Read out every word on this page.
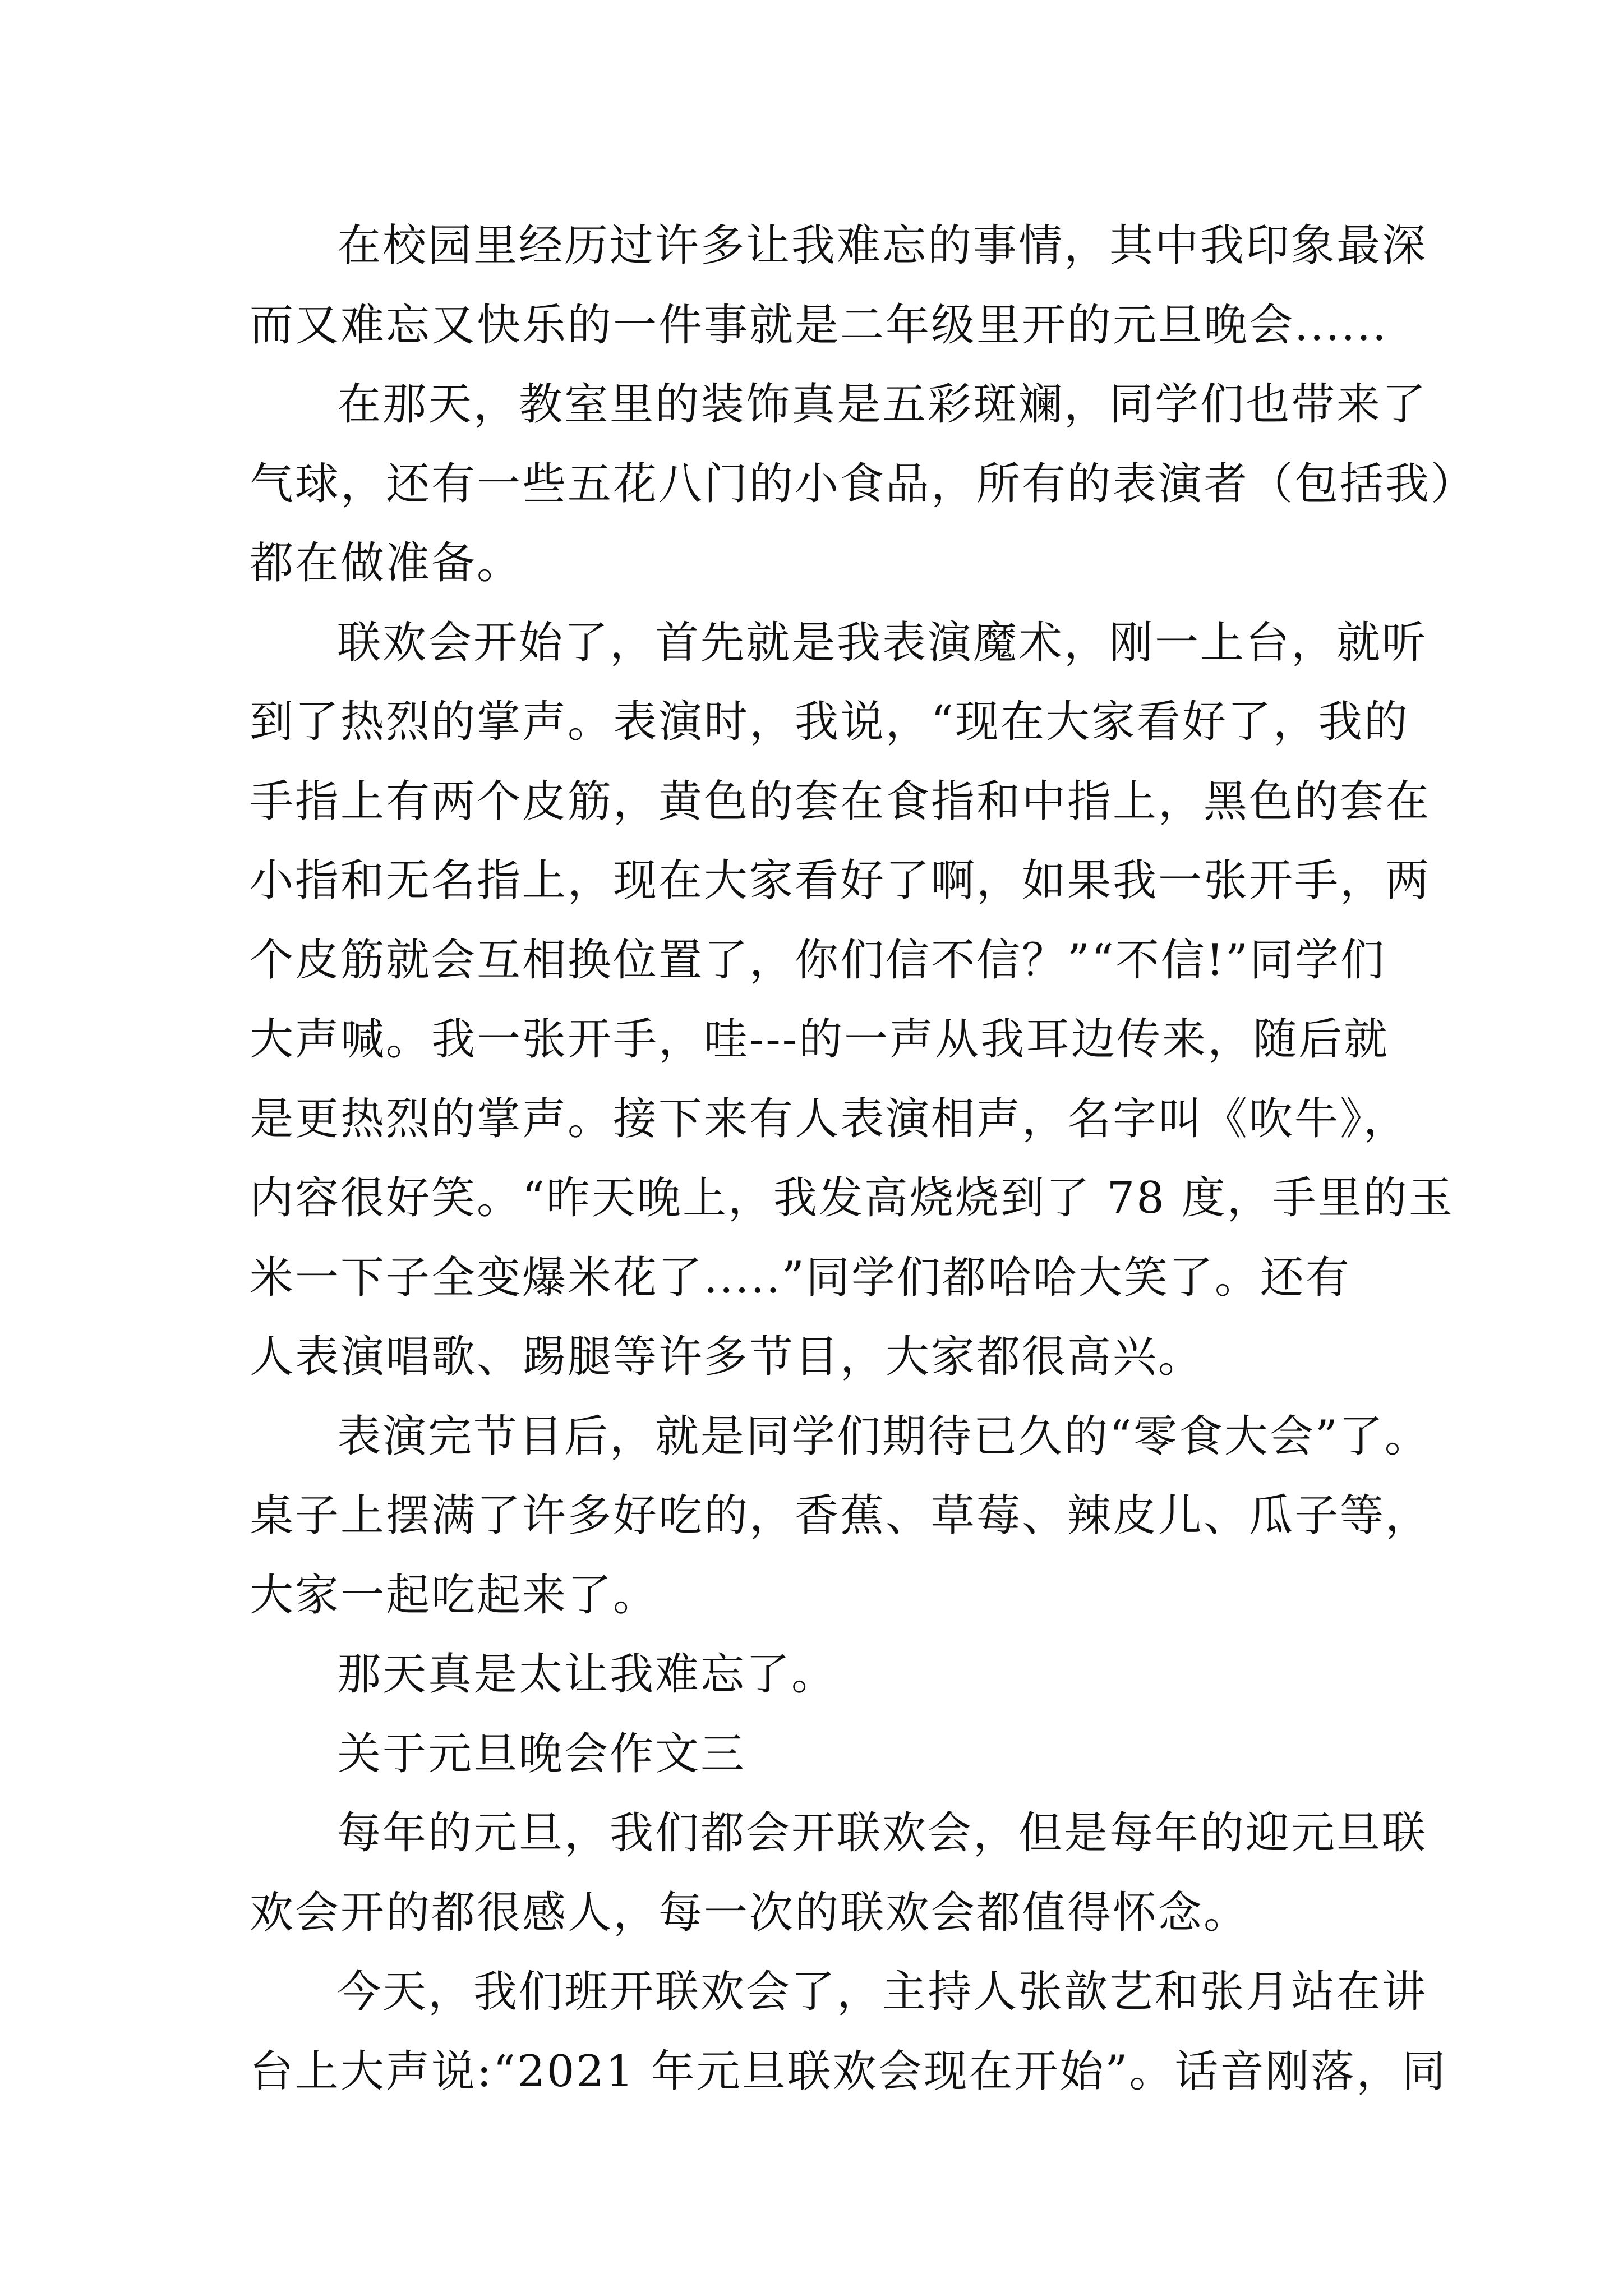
在校园里经历过许多让我难忘的事情，其中我印象最深
而又难忘又快乐的一件事就是二年级里开的元旦晚会......
在那天，教室里的装饰真是五彩斑斓，同学们也带来了
气球，还有一些五花八门的小食品，所有的表演者（包括我）
都在做准备。
联欢会开始了，首先就是我表演魔术，刚一上台，就听
到了热烈的掌声。表演时，我说，“现在大家看好了，我的
手指上有两个皮筋，黄色的套在食指和中指上，黑色的套在
小指和无名指上，现在大家看好了啊，如果我一张开手，两
个皮筋就会互相换位置了，你们信不信？”“不信!”同学们
大声喊。我一张开手，哇---的一声从我耳边传来，随后就
是更热烈的掌声。接下来有人表演相声，名字叫《吹牛》，
内容很好笑。“昨天晚上，我发高烧烧到了 78 度，手里的玉
米一下子全变爆米花了.....”同学们都哈哈大笑了。还有
人表演唱歌、踢腿等许多节目，大家都很高兴。
表演完节目后，就是同学们期待已久的“零食大会”了。
桌子上摆满了许多好吃的，香蕉、草莓、辣皮儿、瓜子等，
大家一起吃起来了。
那天真是太让我难忘了。
关于元旦晚会作文三
每年的元旦，我们都会开联欢会，但是每年的迎元旦联
欢会开的都很感人，每一次的联欢会都值得怀念。
今天，我们班开联欢会了，主持人张歆艺和张月站在讲
台上大声说:“2021 年元旦联欢会现在开始”。话音刚落，同
